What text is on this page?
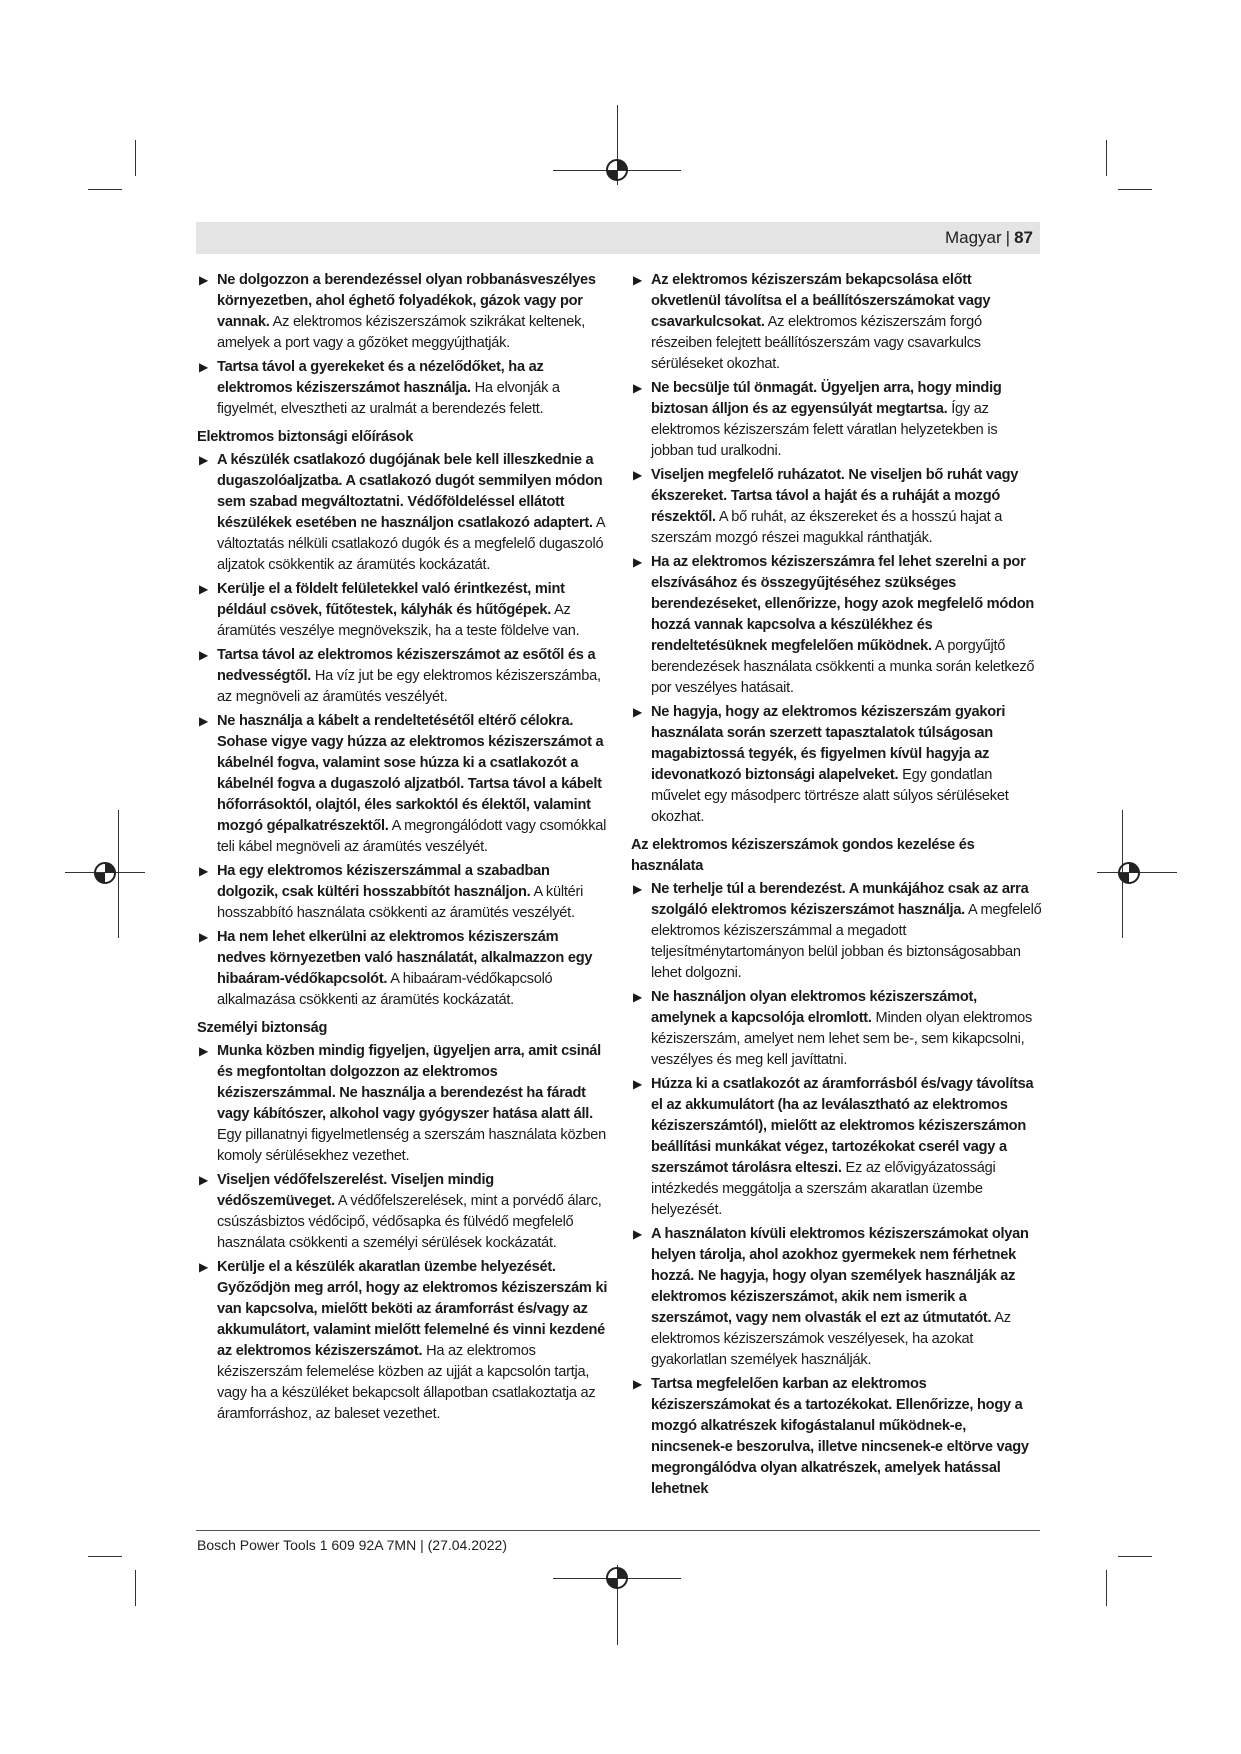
Magyar | 87
▶ Ne dolgozzon a berendezéssel olyan robbanásveszélyes környezetben, ahol éghető folyadékok, gázok vagy por vannak. Az elektromos kéziszerszámok szikrákat keltenek, amelyek a port vagy a gőzöket meggyújthatják.
▶ Tartsa távol a gyerekeket és a nézelődőket, ha az elektromos kéziszerszámot használja. Ha elvonják a figyelmét, elvesztheti az uralmát a berendezés felett.
Elektromos biztonsági előírások
▶ A készülék csatlakozó dugójának bele kell illeszkednie a dugaszolóaljzatba. A csatlakozó dugót semmilyen módon sem szabad megváltoztatni. Védőföldeléssel ellátott készülékek esetében ne használjon csatlakozó adaptert. A változtatás nélküli csatlakozó dugók és a megfelelő dugaszoló aljzatok csökkentik az áramütés kockázatát.
▶ Kerülje el a földelt felületekkel való érintkezést, mint például csövek, fűtőtestek, kályhák és hűtőgépek. Az áramütés veszélye megnövekszik, ha a teste földelve van.
▶ Tartsa távol az elektromos kéziszerszámot az esőtől és a nedvességtől. Ha víz jut be egy elektromos kéziszerszámba, az megnöveli az áramütés veszélyét.
▶ Ne használja a kábelt a rendeltetésétől eltérő célokra. Sohase vigye vagy húzza az elektromos kéziszerszámot a kábelnél fogva, valamint sose húzza ki a csatlakozót a kábelnél fogva a dugaszoló aljzatból. Tartsa távol a kábelt hőforrásoktól, olajtól, éles sarkoktól és élektől, valamint mozgó gépalkatrészektől. A megrongálódott vagy csomókkal teli kábel megnöveli az áramütés veszélyét.
▶ Ha egy elektromos kéziszerszámmal a szabadban dolgozik, csak kültéri hosszabbítót használjon. A kültéri hosszabbító használata csökkenti az áramütés veszélyét.
▶ Ha nem lehet elkerülni az elektromos kéziszerszám nedves környezetben való használatát, alkalmazzon egy hibaáram-védőkapcsolót. A hibaáram-védőkapcsoló alkalmazása csökkenti az áramütés kockázatát.
Személyi biztonság
▶ Munka közben mindig figyeljen, ügyeljen arra, amit csinál és megfontoltan dolgozzon az elektromos kéziszerszámmal. Ne használja a berendezést ha fáradt vagy kábítószer, alkohol vagy gyógyszer hatása alatt áll. Egy pillanatnyi figyelmetlenség a szerszám használata közben komoly sérülésekhez vezethet.
▶ Viseljen védőfelszerelést. Viseljen mindig védőszemüveget. A védőfelszerelések, mint a porvédő álarc, csúszásbiztos védőcipő, védősapka és fülvédő megfelelő használata csökkenti a személyi sérülések kockázatát.
▶ Kerülje el a készülék akaratlan üzembe helyezését. Győződjön meg arról, hogy az elektromos kéziszerszám ki van kapcsolva, mielőtt beköti az áramforrást és/vagy az akkumulátort, valamint mielőtt felemelné és vinni kezdené az elektromos kéziszerszámot. Ha az elektromos kéziszerszám felemelése közben az ujját a kapcsolón tartja, vagy ha a készüléket bekapcsolt állapotban csatlakoztatja az áramforráshoz, az baleset vezethet.
▶ Az elektromos kéziszerszám bekapcsolása előtt okvetlenül távolítsa el a beállítószerszámokat vagy csavarkulcsokat. Az elektromos kéziszerszám forgó részeiben felejtett beállítószerszám vagy csavarkulcs sérüléseket okozhat.
▶ Ne becsülje túl önmagát. Ügyeljen arra, hogy mindig biztosan álljon és az egyensúlyát megtartsa. Így az elektromos kéziszerszám felett váratlan helyzetekben is jobban tud uralkodni.
▶ Viseljen megfelelő ruházatot. Ne viseljen bő ruhát vagy ékszereket. Tartsa távol a haját és a ruháját a mozgó részektől. A bő ruhát, az ékszereket és a hosszú hajat a szerszám mozgó részei magukkal ránthatják.
▶ Ha az elektromos kéziszerszámra fel lehet szerelni a por elszívásához és összegyűjtéséhez szükséges berendezéseket, ellenőrizze, hogy azok megfelelő módon hozzá vannak kapcsolva a készülékhez és rendeltetésüknek megfelelően működnek. A porgyűjtő berendezések használata csökkenti a munka során keletkező por veszélyes hatásait.
▶ Ne hagyja, hogy az elektromos kéziszerszám gyakori használata során szerzett tapasztalatok túlságosan magabiztossá tegyék, és figyelmen kívül hagyja az idevonatkozó biztonsági alapelveket. Egy gondatlan művelet egy másodperc törtrésze alatt súlyos sérüléseket okozhat.
Az elektromos kéziszerszámok gondos kezelése és használata
▶ Ne terhelje túl a berendezést. A munkájához csak az arra szolgáló elektromos kéziszerszámot használja. A megfelelő elektromos kéziszerszámmal a megadott teljesítménytartományon belül jobban és biztonságosabban lehet dolgozni.
▶ Ne használjon olyan elektromos kéziszerszámot, amelynek a kapcsolója elromlott. Minden olyan elektromos kéziszerszám, amelyet nem lehet sem be-, sem kikapcsolni, veszélyes és meg kell javíttatni.
▶ Húzza ki a csatlakozót az áramforrásból és/vagy távolítsa el az akkumulátort (ha az leválasztható az elektromos kéziszerszámtól), mielőtt az elektromos kéziszerszámon beállítási munkákat végez, tartozékokat cserél vagy a szerszámot tárolásra elteszi. Ez az elővigyázatossági intézkedés meggátolja a szerszám akaratlan üzembe helyezését.
▶ A használaton kívüli elektromos kéziszerszámokat olyan helyen tárolja, ahol azokhoz gyermekek nem férhetnek hozzá. Ne hagyja, hogy olyan személyek használják az elektromos kéziszerszámot, akik nem ismerik a szerszámot, vagy nem olvasták el ezt az útmutatót. Az elektromos kéziszerszámok veszélyesek, ha azokat gyakorlatlan személyek használják.
▶ Tartsa megfelelően karban az elektromos kéziszerszámokat és a tartozékokat. Ellenőrizze, hogy a mozgó alkatrészek kifogástalanul működnek-e, nincsenek-e beszorulva, illetve nincsenek-e eltörve vagy megrongálódva olyan alkatrészek, amelyek hatással lehetnek
Bosch Power Tools 1 609 92A 7MN | (27.04.2022)
